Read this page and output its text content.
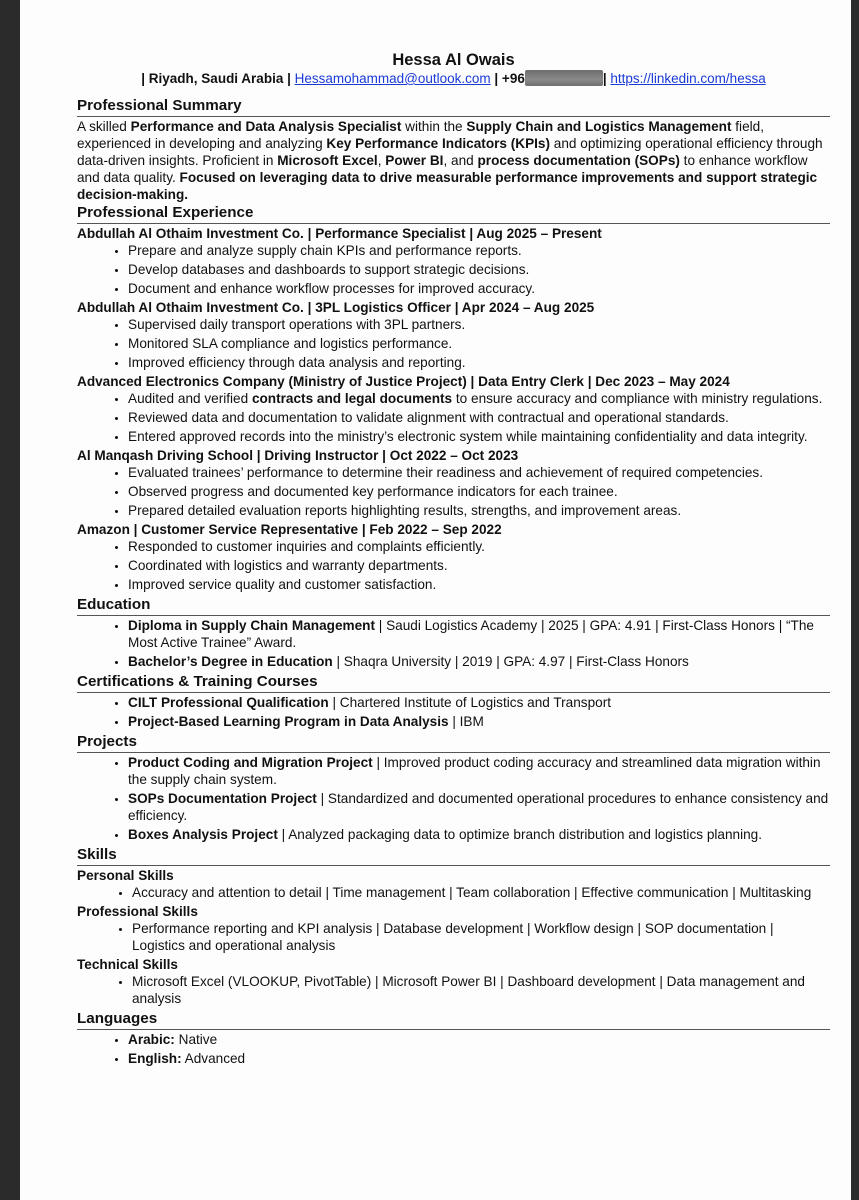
Hessa Al Owais
| Riyadh, Saudi Arabia | Hessamohammad@outlook.com | +96	| https://linkedin.com/hessa
Professional Summary

A skilled Performance and Data Analysis Specialist within the Supply Chain and Logistics Management field, experienced in developing and analyzing Key Performance Indicators (KPIs) and optimizing operational efficiency through data-driven insights. Proficient in Microsoft Excel, Power BI, and process documentation (SOPs) to enhance workflow and data quality. Focused on leveraging data to drive measurable performance improvements and support strategic decision-making.

Professional Experience
Abdullah Al Othaim Investment Co. | Performance Specialist | Aug 2025 – Present
• Prepare and analyze supply chain KPIs and performance reports.
• Develop databases and dashboards to support strategic decisions.
• Document and enhance workflow processes for improved accuracy.
Abdullah Al Othaim Investment Co. | 3PL Logistics Officer | Apr 2024 – Aug 2025
• Supervised daily transport operations with 3PL partners.
• Monitored SLA compliance and logistics performance.
• Improved efficiency through data analysis and reporting.
Advanced Electronics Company (Ministry of Justice Project) | Data Entry Clerk | Dec 2023 – May 2024
• Audited and verified contracts and legal documents to ensure accuracy and compliance with ministry regulations.
• Reviewed data and documentation to validate alignment with contractual and operational standards.
• Entered approved records into the ministry’s electronic system while maintaining confidentiality and data integrity.
Al Manqash Driving School | Driving Instructor | Oct 2022 – Oct 2023
• Evaluated trainees’ performance to determine their readiness and achievement of required competencies.
• Observed progress and documented key performance indicators for each trainee.
• Prepared detailed evaluation reports highlighting results, strengths, and improvement areas.
Amazon | Customer Service Representative | Feb 2022 – Sep 2022
• Responded to customer inquiries and complaints efficiently.
• Coordinated with logistics and warranty departments.
• Improved service quality and customer satisfaction.
Education
• Diploma in Supply Chain Management | Saudi Logistics Academy | 2025 | GPA: 4.91 | First-Class Honors | “The Most Active Trainee” Award.
• Bachelor’s Degree in Education | Shaqra University | 2019 | GPA: 4.97 | First-Class Honors
Certifications & Training Courses
• CILT Professional Qualification | Chartered Institute of Logistics and Transport
• Project-Based Learning Program in Data Analysis | IBM
Projects
• Product Coding and Migration Project | Improved product coding accuracy and streamlined data migration within the supply chain system.
• SOPs Documentation Project | Standardized and documented operational procedures to enhance consistency and efficiency.
• Boxes Analysis Project | Analyzed packaging data to optimize branch distribution and logistics planning.
Skills
Personal Skills
• Accuracy and attention to detail | Time management | Team collaboration | Effective communication | Multitasking
Professional Skills
• Performance reporting and KPI analysis | Database development | Workflow design | SOP documentation | Logistics and operational analysis
Technical Skills
• Microsoft Excel (VLOOKUP, PivotTable) | Microsoft Power BI | Dashboard development | Data management and analysis
Languages
• Arabic: Native
• English: Advanced
